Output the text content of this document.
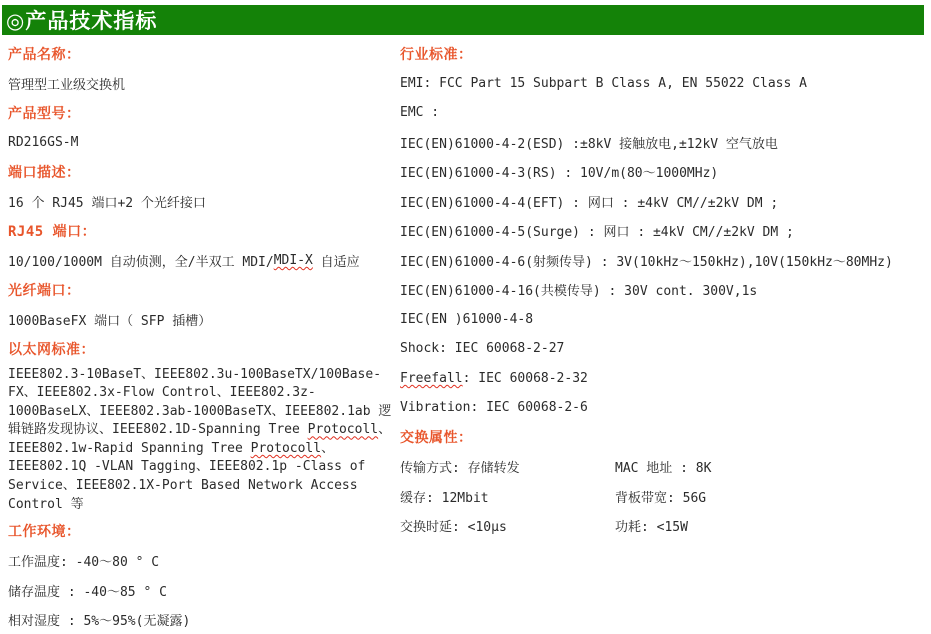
◎产品技术指标
产品名称：
管理型工业级交换机
产品型号：
RD216GS-M
端口描述：
16 个 RJ45 端口+2 个光纤接口
RJ45 端口：
10/100/1000M 自动侦测，全/半双工 MDI/ MDI-X 自适应
光纤端口：
1000BaseFX 端口（ SFP 插槽）
以太网标准：
IEEE802.3-10BaseT、IEEE802.3u-100BaseTX/100Base-FX、IEEE802.3x-Flow Control、IEEE802.3z-1000BaseLX、IEEE802.3ab-1000BaseTX、IEEE802.1ab 逻辑链路发现协议、IEEE802.1D-Spanning Tree Protocoll、IEEE802.1w-Rapid Spanning Tree Protocoll、IEEE802.1Q -VLAN Tagging、IEEE802.1p -Class of Service、IEEE802.1X-Port Based Network Access Control 等
工作环境：
工作温度: -40～80 ° C
储存温度 : -40～85 ° C
相对湿度 : 5%～95%(无凝露)
行业标准：
EMI: FCC Part 15 Subpart B Class A, EN 55022 Class A
EMC :
IEC(EN)61000-4-2(ESD) :±8kV 接触放电,±12kV 空气放电
IEC(EN)61000-4-3(RS) : 10V/m(80～1000MHz)
IEC(EN)61000-4-4(EFT) : 网口 : ±4kV CM//±2kV DM ;
IEC(EN)61000-4-5(Surge) : 网口 : ±4kV CM//±2kV DM ;
IEC(EN)61000-4-6(射频传导) : 3V(10kHz～150kHz),10V(150kHz～80MHz)
IEC(EN)61000-4-16(共模传导) : 30V cont. 300V,1s
IEC(EN )61000-4-8
Shock: IEC 60068-2-27
Freefall : IEC 60068-2-32
Vibration: IEC 60068-2-6
交换属性：
传输方式: 存储转发	MAC 地址 : 8K
缓存: 12Mbit	背板带宽: 56G
交换时延: <10μs	功耗: <15W
